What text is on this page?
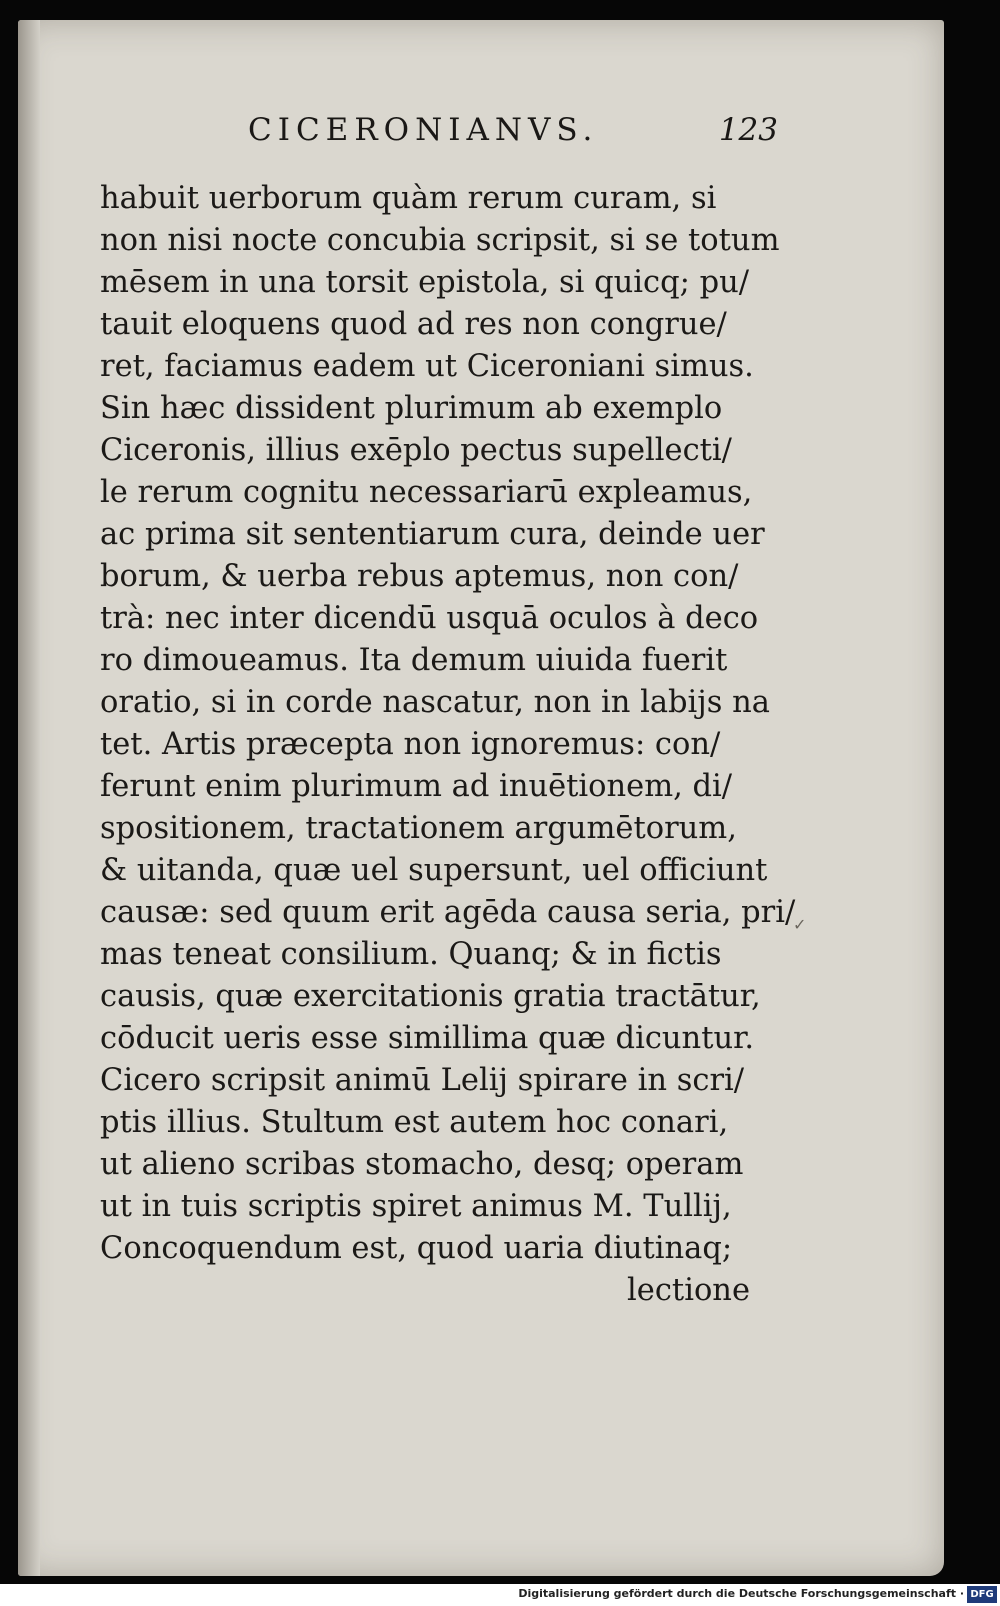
CICERONIANVS.	123
habuit uerborum quàm rerum curam, si
non nisi nocte concubia scripsit, si se totum
mēsem in una torsit epistola, si quicq; pu/
tauit eloquens quod ad res non congrue/
ret, faciamus eadem ut Ciceroniani simus.
Sin hæc dissident plurimum ab exemplo
Ciceronis, illius exēplo pectus supellecti/
le rerum cognitu necessariarū expleamus,
ac prima sit sententiarum cura, deinde uer
borum, & uerba rebus aptemus, non con/
trà: nec inter dicendū usquā oculos à deco
ro dimoueamus. Ita demum uiuida fuerit
oratio, si in corde nascatur, non in labijs na
tet. Artis præcepta non ignoremus: con/
ferunt enim plurimum ad inuētionem, di/
spositionem, tractationem argumētorum,
& uitanda, quæ uel supersunt, uel officiunt
causæ: sed quum erit agēda causa seria, pri/
mas teneat consilium. Quanq; & in fictis
causis, quæ exercitationis gratia tractātur,
cōducit ueris esse simillima quæ dicuntur.
Cicero scripsit animū Lelij spirare in scri/
ptis illius. Stultum est autem hoc conari,
ut alieno scribas stomacho, desq; operam
ut in tuis scriptis spiret animus M. Tullij,
Concoquendum est, quod uaria diutinaq;
lectione
✓
Digitalisierung gefördert durch die Deutsche Forschungsgemeinschaft · DFG
